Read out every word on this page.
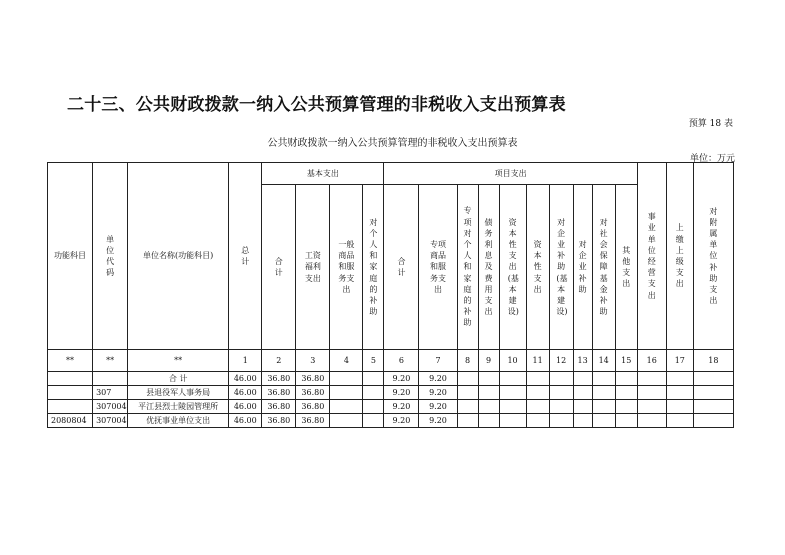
二十三、公共财政拨款一纳入公共预算管理的非税收入支出预算表
预算 18 表
公共财政拨款一纳入公共预算管理的非税收入支出预算表
单位：万元
功能科目	单位代码	单位名称(功能科目)	总计	基本支出				项目支出										事业单位经营支出	上缴上级支出	对附属单位补助支出
				合计	工资福利支出	一般商品和服务支出	对个人和家庭的补助	合计	专项商品和服务支出	专项对个人和家庭的补助	债务利息及费用支出	资本性支出(基本建设)	资本性支出	对企业补助(基本建设)	对企业补助	对社会保障基金补助	其他支出			
**	**	**	1	2	3	4	5	6	7	8	9	10	11	12	13	14	15	16	17	18
		合 计	46.00	36.80	36.80			9.20	9.20											
	307	县退役军人事务局	46.00	36.80	36.80			9.20	9.20											
	307004	平江县烈士陵园管理所	46.00	36.80	36.80			9.20	9.20											
2080804	307004	优抚事业单位支出	46.00	36.80	36.80			9.20	9.20											
